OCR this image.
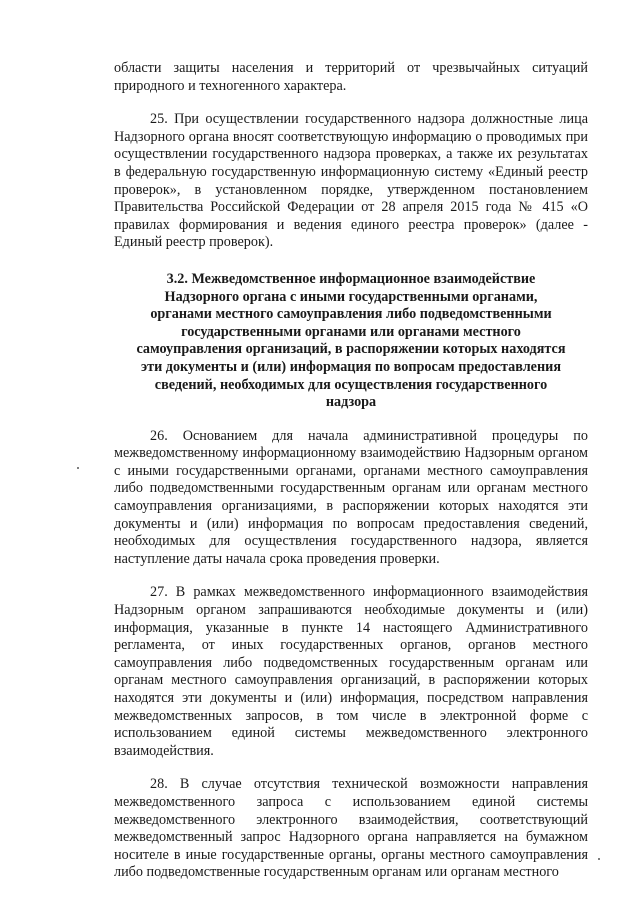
области защиты населения и территорий от чрезвычайных ситуаций природного и техногенного характера.

25. При осуществлении государственного надзора должностные лица Надзорного органа вносят соответствующую информацию о проводимых при осуществлении государственного надзора проверках, а также их результатах в федеральную государственную информационную систему «Единый реестр проверок», в установленном порядке, утвержденном постановлением Правительства Российской Федерации от 28 апреля 2015 года № 415 «О правилах формирования и ведения единого реестра проверок» (далее - Единый реестр проверок).

3.2. Межведомственное информационное взаимодействие
Надзорного органа с иными государственными органами,
органами местного самоуправления либо подведомственными
государственными органами или органами местного
самоуправления организаций, в распоряжении которых находятся
эти документы и (или) информация по вопросам предоставления
сведений, необходимых для осуществления государственного
надзора

26. Основанием для начала административной процедуры по межведомственному информационному взаимодействию Надзорным органом с иными государственными органами, органами местного самоуправления либо подведомственными государственным органам или органам местного самоуправления организациями, в распоряжении которых находятся эти документы и (или) информация по вопросам предоставления сведений, необходимых для осуществления государственного надзора, является наступление даты начала срока проведения проверки.

27. В рамках межведомственного информационного взаимодействия Надзорным органом запрашиваются необходимые документы и (или) информация, указанные в пункте 14 настоящего Административного регламента, от иных государственных органов, органов местного самоуправления либо подведомственных государственным органам или органам местного самоуправления организаций, в распоряжении которых находятся эти документы и (или) информация, посредством направления межведомственных запросов, в том числе в электронной форме с использованием единой системы межведомственного электронного взаимодействия.

28. В случае отсутствия технической возможности направления межведомственного запроса с использованием единой системы межведомственного электронного взаимодействия, соответствующий межведомственный запрос Надзорного органа направляется на бумажном носителе в иные государственные органы, органы местного самоуправления либо подведомственные государственным органам или органам местного
